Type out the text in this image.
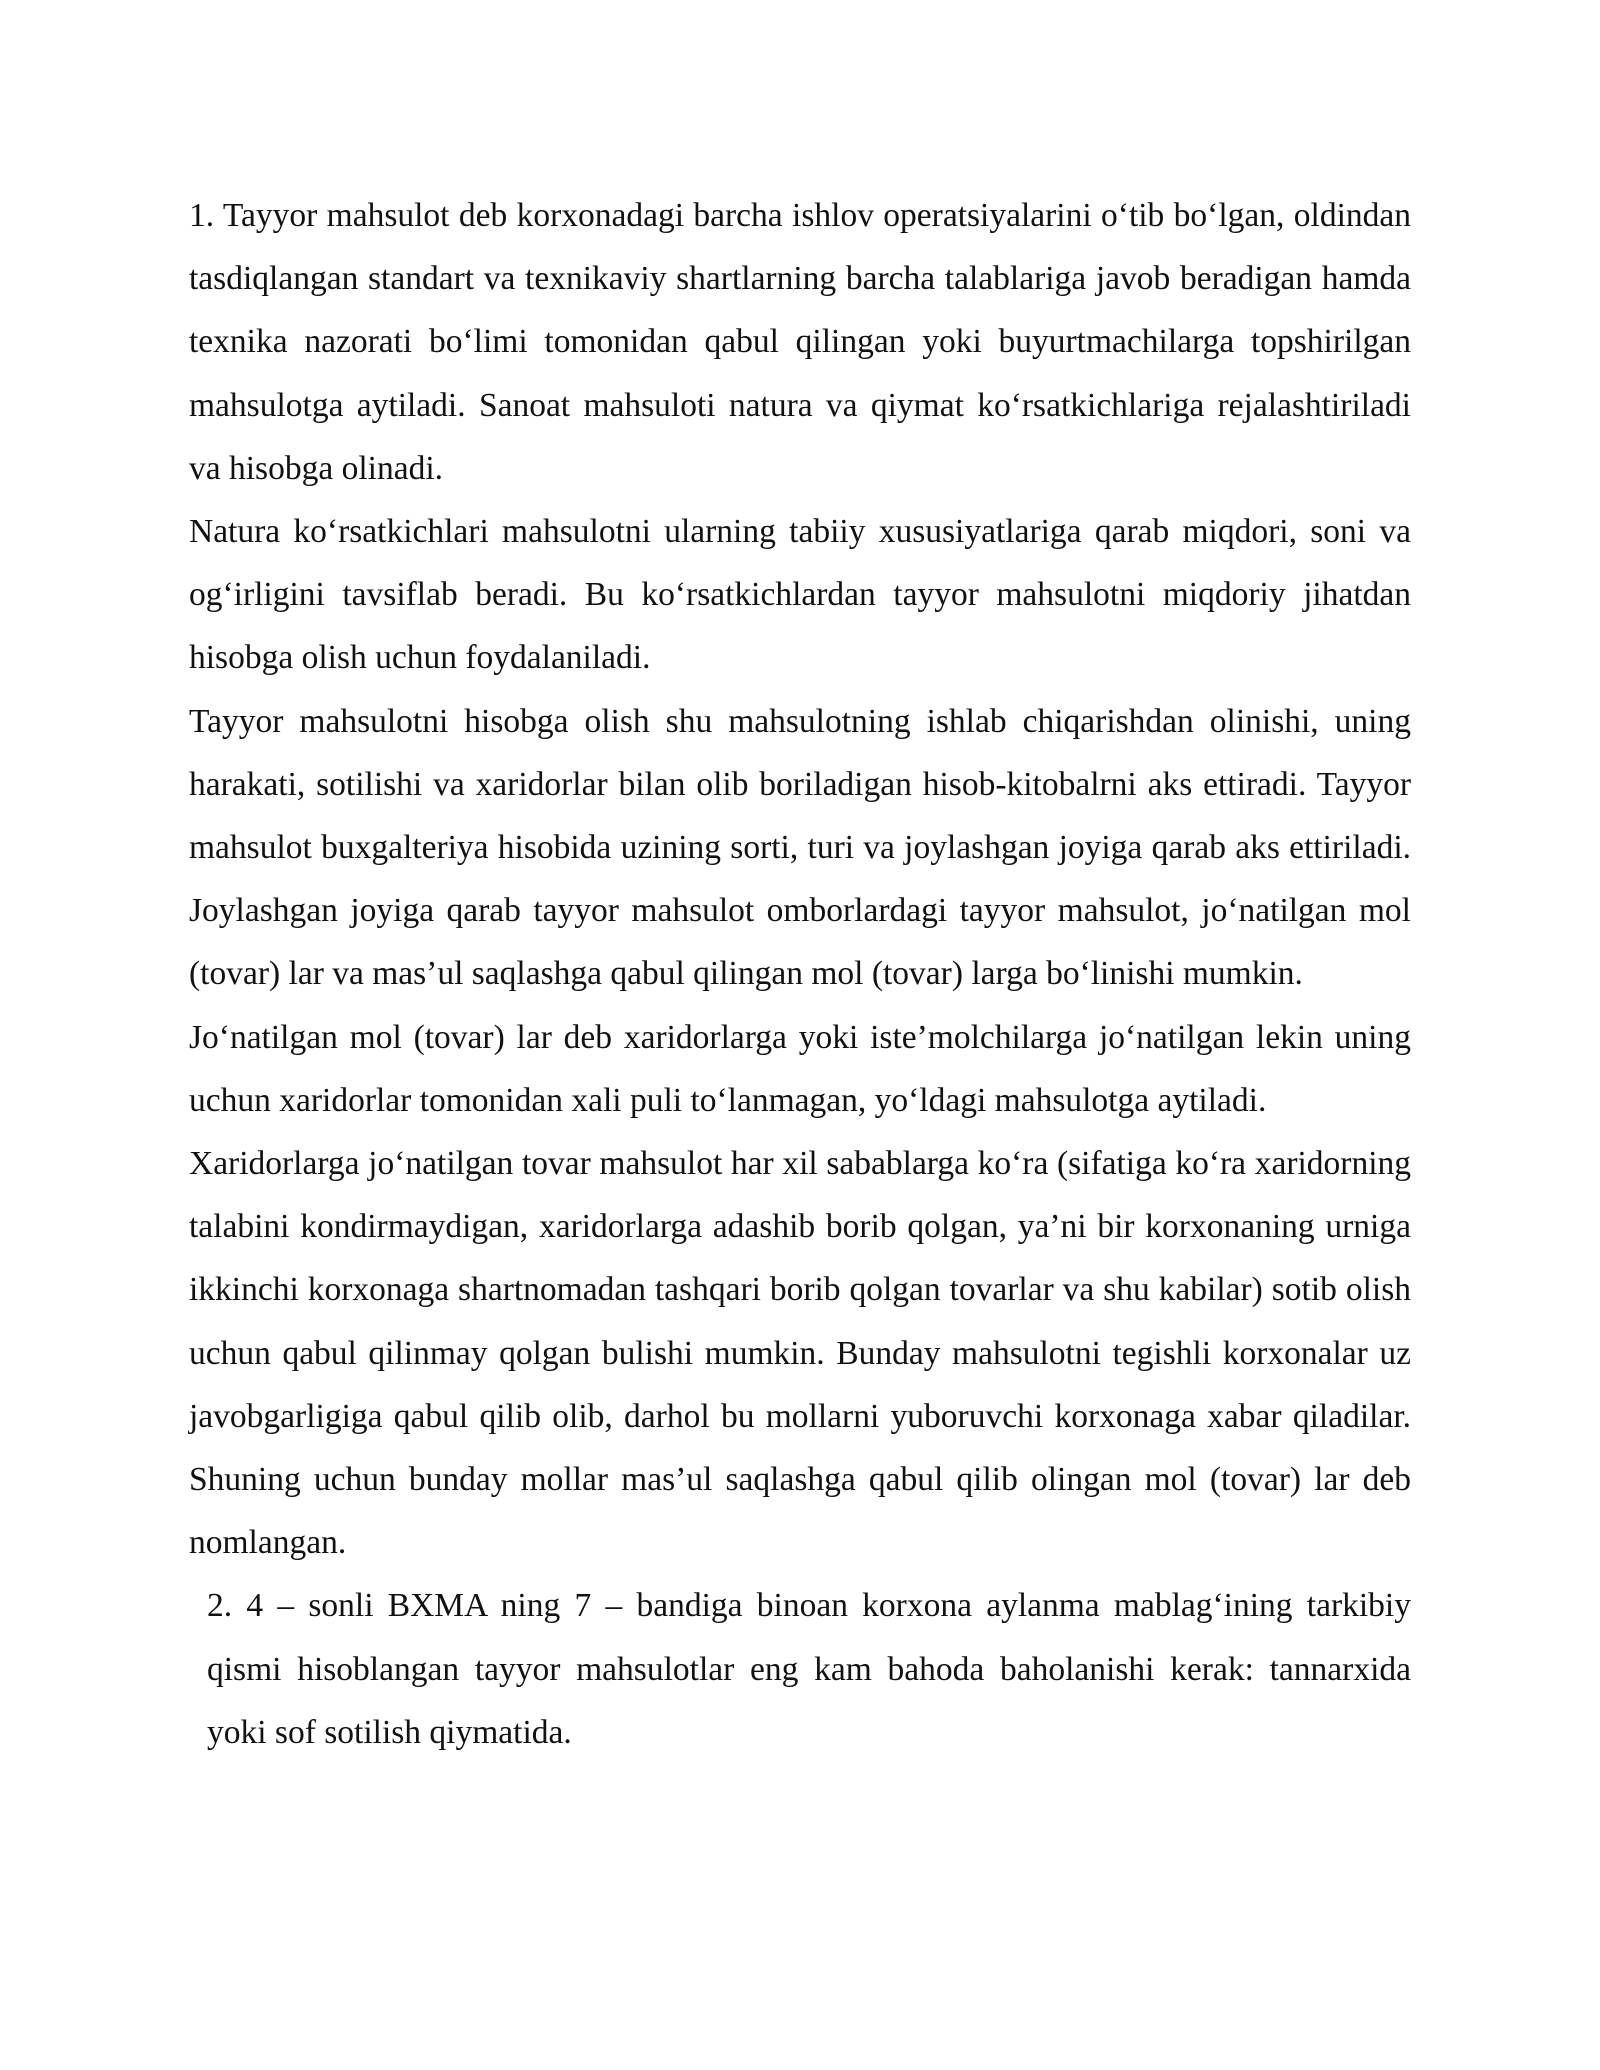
1. Tayyor mahsulot deb korxonadagi barcha ishlov operatsiyalarini o‘tib bo‘lgan, oldindan tasdiqlangan standart va texnikaviy shartlarning barcha talablariga javob beradigan hamda texnika nazorati bo‘limi tomonidan qabul qilingan yoki buyurtmachilarga topshirilgan mahsulotga aytiladi. Sanoat mahsuloti natura va qiymat ko‘rsatkichlariga rejalashtiriladi va hisobga olinadi.

Natura ko‘rsatkichlari mahsulotni ularning tabiiy xususiyatlariga qarab miqdori, soni va og‘irligini tavsiflab beradi. Bu ko‘rsatkichlardan tayyor mahsulotni miqdoriy jihatdan hisobga olish uchun foydalaniladi.

Tayyor mahsulotni hisobga olish shu mahsulotning ishlab chiqarishdan olinishi, uning harakati, sotilishi va xaridorlar bilan olib boriladigan hisob-kitobalrni aks ettiradi. Tayyor mahsulot buxgalteriya hisobida uzining sorti, turi va joylashgan joyiga qarab aks ettiriladi. Joylashgan joyiga qarab tayyor mahsulot omborlardagi tayyor mahsulot, jo‘natilgan mol (tovar) lar va mas’ul saqlashga qabul qilingan mol (tovar) larga bo‘linishi mumkin.

Jo‘natilgan mol (tovar) lar deb xaridorlarga yoki iste’molchilarga jo‘natilgan lekin uning uchun xaridorlar tomonidan xali puli to‘lanmagan, yo‘ldagi mahsulotga aytiladi.

Xaridorlarga jo‘natilgan tovar mahsulot har xil sabablarga ko‘ra (sifatiga ko‘ra xaridorning talabini kondirmaydigan, xaridorlarga adashib borib qolgan, ya’ni bir korxonaning urniga ikkinchi korxonaga shartnomadan tashqari borib qolgan tovarlar va shu kabilar) sotib olish uchun qabul qilinmay qolgan bulishi mumkin. Bunday mahsulotni tegishli korxonalar uz javobgarligiga qabul qilib olib, darhol bu mollarni yuboruvchi korxonaga xabar qiladilar. Shuning uchun bunday mollar mas’ul saqlashga qabul qilib olingan mol (tovar) lar deb nomlangan.

2. 4 – sonli BXMA ning 7 – bandiga binoan korxona aylanma mablag‘ining tarkibiy qismi hisoblangan tayyor mahsulotlar eng kam bahoda baholanishi kerak: tannarxida yoki sof sotilish qiymatida.
